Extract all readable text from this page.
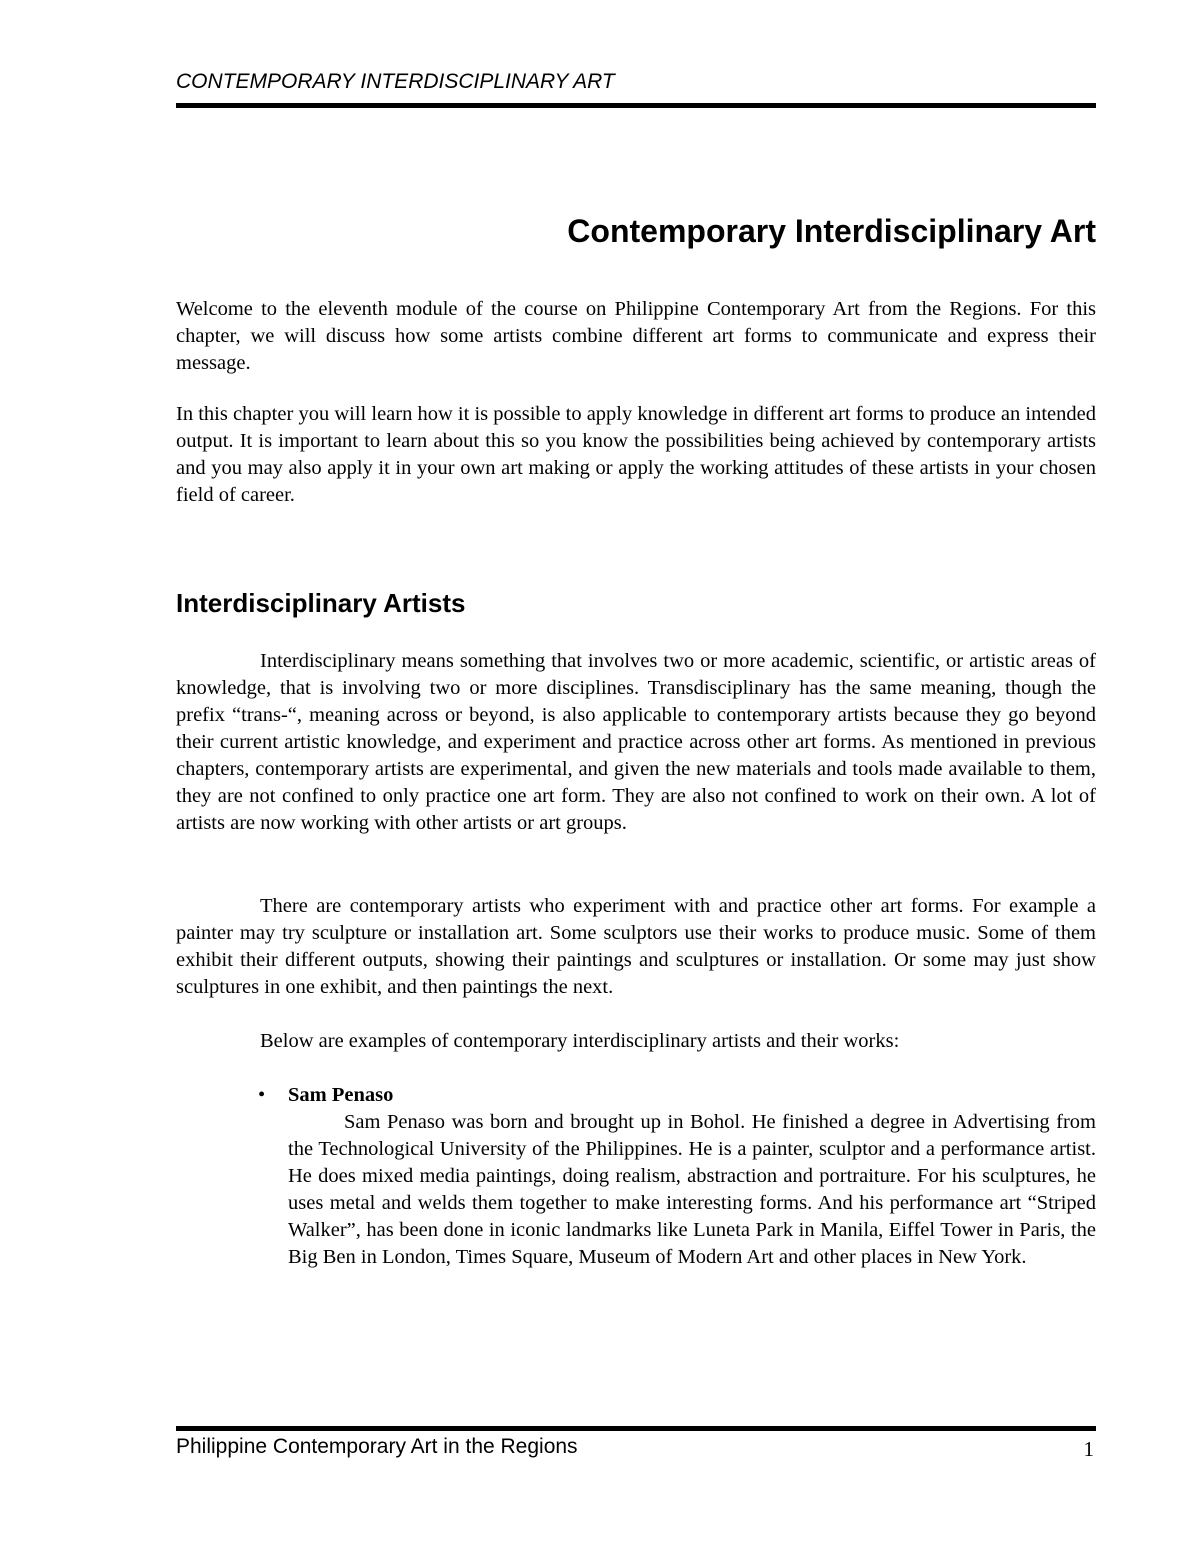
CONTEMPORARY INTERDISCIPLINARY ART
Contemporary Interdisciplinary Art

Welcome to the eleventh module of the course on Philippine Contemporary Art from the Regions. For this chapter, we will discuss how some artists combine different art forms to communicate and express their message.

In this chapter you will learn how it is possible to apply knowledge in different art forms to produce an intended output. It is important to learn about this so you know the possibilities being achieved by contemporary artists and you may also apply it in your own art making or apply the working attitudes of these artists in your chosen field of career.

Interdisciplinary Artists

Interdisciplinary means something that involves two or more academic, scientific, or artistic areas of knowledge, that is involving two or more disciplines. Transdisciplinary has the same meaning, though the prefix “trans-“, meaning across or beyond, is also applicable to contemporary artists because they go beyond their current artistic knowledge, and experiment and practice across other art forms. As mentioned in previous chapters, contemporary artists are experimental, and given the new materials and tools made available to them, they are not confined to only practice one art form. They are also not confined to work on their own. A lot of artists are now working with other artists or art groups.

There are contemporary artists who experiment with and practice other art forms. For example a painter may try sculpture or installation art. Some sculptors use their works to produce music. Some of them exhibit their different outputs, showing their paintings and sculptures or installation. Or some may just show sculptures in one exhibit, and then paintings the next.

Below are examples of contemporary interdisciplinary artists and their works:

• Sam Penaso

Sam Penaso was born and brought up in Bohol. He finished a degree in Advertising from the Technological University of the Philippines. He is a painter, sculptor and a performance artist. He does mixed media paintings, doing realism, abstraction and portraiture. For his sculptures, he uses metal and welds them together to make interesting forms. And his performance art “Striped Walker”, has been done in iconic landmarks like Luneta Park in Manila, Eiffel Tower in Paris, the Big Ben in London, Times Square, Museum of Modern Art and other places in New York.

Philippine Contemporary Art in the Regions	1
